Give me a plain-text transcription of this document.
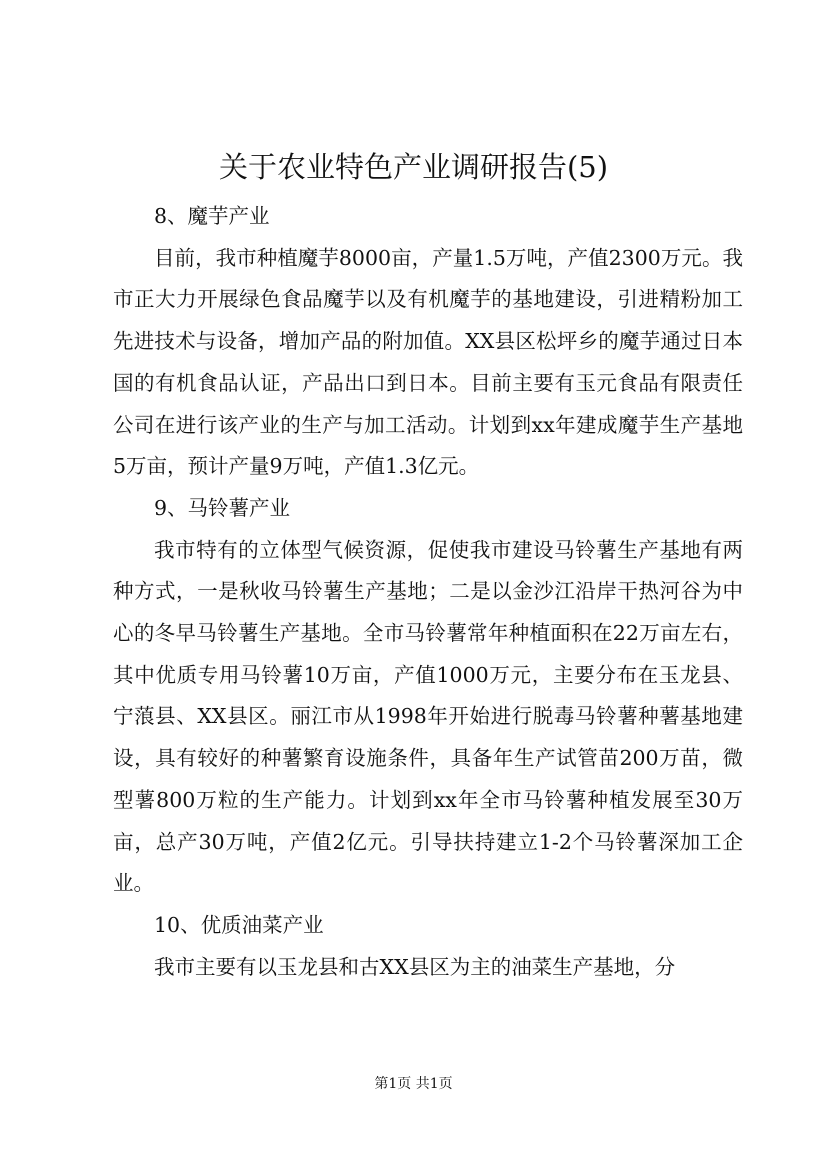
关于农业特色产业调研报告(5)

8、魔芋产业

目前，我市种植魔芋8000亩，产量1.5万吨，产值2300万元。我市正大力开展绿色食品魔芋以及有机魔芋的基地建设，引进精粉加工先进技术与设备，增加产品的附加值。XX县区松坪乡的魔芋通过日本国的有机食品认证，产品出口到日本。目前主要有玉元食品有限责任公司在进行该产业的生产与加工活动。计划到xx年建成魔芋生产基地5万亩，预计产量9万吨，产值1.3亿元。

9、马铃薯产业

我市特有的立体型气候资源，促使我市建设马铃薯生产基地有两种方式，一是秋收马铃薯生产基地；二是以金沙江沿岸干热河谷为中心的冬早马铃薯生产基地。全市马铃薯常年种植面积在22万亩左右，其中优质专用马铃薯10万亩，产值1000万元，主要分布在玉龙县、宁蒗县、XX县区。丽江市从1998年开始进行脱毒马铃薯种薯基地建设，具有较好的种薯繁育设施条件，具备年生产试管苗200万苗，微型薯800万粒的生产能力。计划到xx年全市马铃薯种植发展至30万亩，总产30万吨，产值2亿元。引导扶持建立1-2个马铃薯深加工企业。

10、优质油菜产业

我市主要有以玉龙县和古XX县区为主的油菜生产基地，分

第1页 共1页
